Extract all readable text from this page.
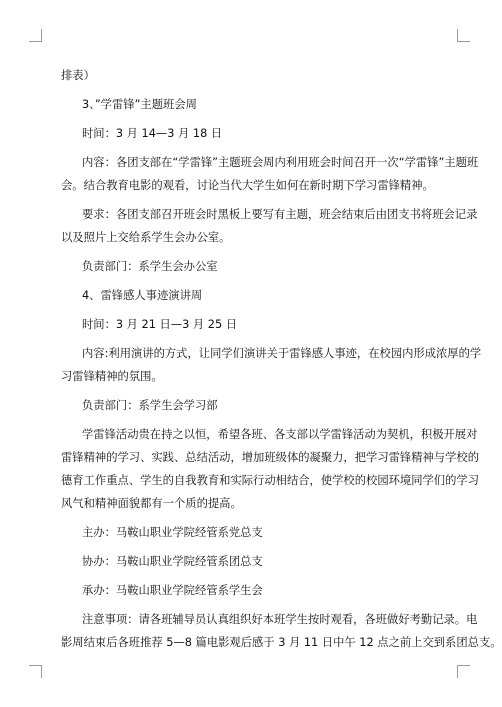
排表）
3、”学雷锋”主题班会周
时间：3 月 14—3 月 18 日
内容：各团支部在“学雷锋”主题班会周内利用班会时间召开一次“学雷锋”主题班
会。结合教育电影的观看，讨论当代大学生如何在新时期下学习雷锋精神。
要求：各团支部召开班会时黑板上要写有主题，班会结束后由团支书将班会记录
以及照片上交给系学生会办公室。
负责部门：系学生会办公室
4、雷锋感人事迹演讲周
时间：3 月 21 日—3 月 25 日
内容:利用演讲的方式，让同学们演讲关于雷锋感人事迹，在校园内形成浓厚的学
习雷锋精神的氛围。
负责部门：系学生会学习部
学雷锋活动贵在持之以恒，希望各班、各支部以学雷锋活动为契机，积极开展对
雷锋精神的学习、实践、总结活动，增加班级体的凝聚力，把学习雷锋精神与学校的
德育工作重点、学生的自我教育和实际行动相结合，使学校的校园环境同学们的学习
风气和精神面貌都有一个质的提高。
主办：马鞍山职业学院经管系党总支
协办：马鞍山职业学院经管系团总支
承办：马鞍山职业学院经管系学生会
注意事项：请各班辅导员认真组织好本班学生按时观看，各班做好考勤记录。电
影周结束后各班推荐 5—8 篇电影观后感于 3 月 11 日中午 12 点之前上交到系团总支。
